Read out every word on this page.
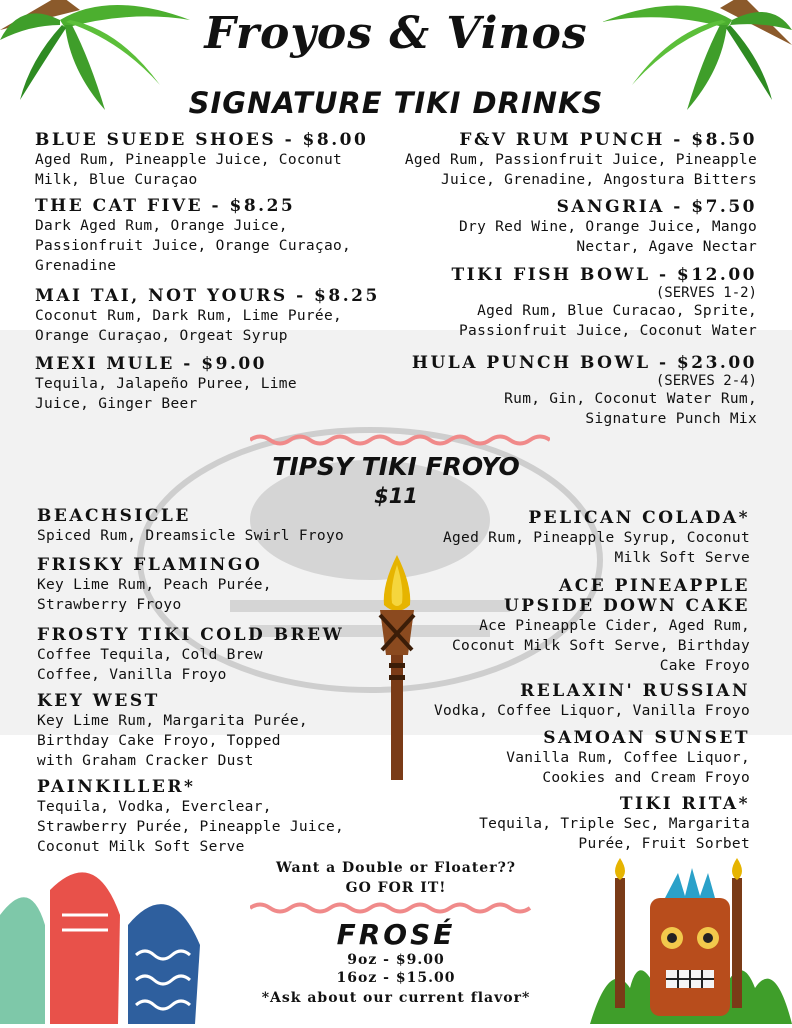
Froyos & Vinos
SIGNATURE TIKI DRINKS
BLUE SUEDE SHOES - $8.00
Aged Rum, Pineapple Juice, Coconut
Milk, Blue Curaçao
THE CAT FIVE - $8.25
Dark Aged Rum, Orange Juice,
Passionfruit Juice, Orange Curaçao,
Grenadine
MAI TAI, NOT YOURS - $8.25
Coconut Rum, Dark Rum, Lime Purée,
Orange Curaçao, Orgeat Syrup
MEXI MULE - $9.00
Tequila, Jalapeño Puree, Lime
Juice, Ginger Beer
F&V RUM PUNCH - $8.50
Aged Rum, Passionfruit Juice, Pineapple
Juice, Grenadine, Angostura Bitters
SANGRIA - $7.50
Dry Red Wine, Orange Juice, Mango
Nectar, Agave Nectar
TIKI FISH BOWL - $12.00
(SERVES 1-2)
Aged Rum, Blue Curacao, Sprite,
Passionfruit Juice, Coconut Water
HULA PUNCH BOWL - $23.00
(SERVES 2-4)
Rum, Gin, Coconut Water Rum,
Signature Punch Mix
TIPSY TIKI FROYO
$11
BEACHSICLE
Spiced Rum, Dreamsicle Swirl Froyo
FRISKY FLAMINGO
Key Lime Rum, Peach Purée,
Strawberry Froyo
FROSTY TIKI COLD BREW
Coffee Tequila, Cold Brew
Coffee, Vanilla Froyo
KEY WEST
Key Lime Rum, Margarita Purée,
Birthday Cake Froyo, Topped
with Graham Cracker Dust
PAINKILLER*
Tequila, Vodka, Everclear,
Strawberry Purée, Pineapple Juice,
Coconut Milk Soft Serve
PELICAN COLADA*
Aged Rum, Pineapple Syrup, Coconut
Milk Soft Serve
ACE PINEAPPLE
UPSIDE DOWN CAKE
Ace Pineapple Cider, Aged Rum,
Coconut Milk Soft Serve, Birthday
Cake Froyo
RELAXIN' RUSSIAN
Vodka, Coffee Liquor, Vanilla Froyo
SAMOAN SUNSET
Vanilla Rum, Coffee Liquor,
Cookies and Cream Froyo
TIKI RITA*
Tequila, Triple Sec, Margarita
Purée, Fruit Sorbet
Want a Double or Floater??
GO FOR IT!
FROSÉ
9oz - $9.00
16oz - $15.00
*Ask about our current flavor*
